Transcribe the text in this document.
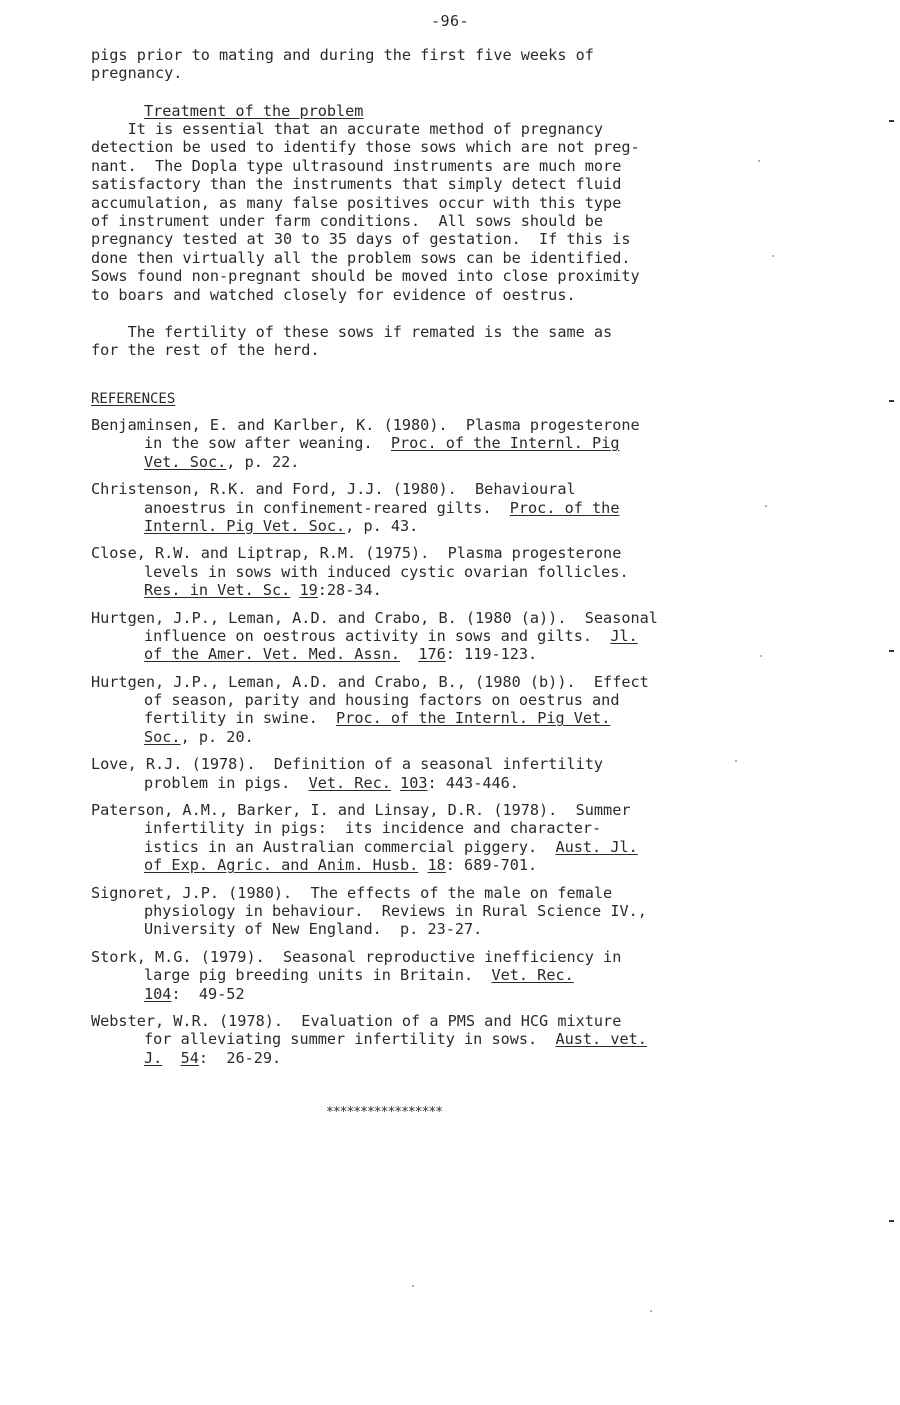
-96-
pigs prior to mating and during the first five weeks of
pregnancy.
Treatment of the problem
It is essential that an accurate method of pregnancy
detection be used to identify those sows which are not preg-
nant.  The Dopla type ultrasound instruments are much more
satisfactory than the instruments that simply detect fluid
accumulation, as many false positives occur with this type
of instrument under farm conditions.  All sows should be
pregnancy tested at 30 to 35 days of gestation.  If this is
done then virtually all the problem sows can be identified.
Sows found non-pregnant should be moved into close proximity
to boars and watched closely for evidence of oestrus.
The fertility of these sows if remated is the same as
for the rest of the herd.
REFERENCES
Benjaminsen, E. and Karlber, K. (1980).  Plasma progesterone
in the sow after weaning.  Proc. of the Internl. Pig
Vet. Soc., p. 22.
Christenson, R.K. and Ford, J.J. (1980).  Behavioural
anoestrus in confinement-reared gilts.  Proc. of the
Internl. Pig Vet. Soc., p. 43.
Close, R.W. and Liptrap, R.M. (1975).  Plasma progesterone
levels in sows with induced cystic ovarian follicles.
Res. in Vet. Sc. 19:28-34.
Hurtgen, J.P., Leman, A.D. and Crabo, B. (1980 (a)).  Seasonal
influence on oestrous activity in sows and gilts.  Jl.
of the Amer. Vet. Med. Assn. 176: 119-123.
Hurtgen, J.P., Leman, A.D. and Crabo, B., (1980 (b)).  Effect
of season, parity and housing factors on oestrus and
fertility in swine.  Proc. of the Internl. Pig Vet.
Soc., p. 20.
Love, R.J. (1978).  Definition of a seasonal infertility
problem in pigs.  Vet. Rec. 103: 443-446.
Paterson, A.M., Barker, I. and Linsay, D.R. (1978).  Summer
infertility in pigs:  its incidence and character-
istics in an Australian commercial piggery.  Aust. Jl.
of Exp. Agric. and Anim. Husb. 18: 689-701.
Signoret, J.P. (1980).  The effects of the male on female
physiology in behaviour.  Reviews in Rural Science IV.,
University of New England.  p. 23-27.
Stork, M.G. (1979).  Seasonal reproductive inefficiency in
large pig breeding units in Britain.  Vet. Rec.
104:  49-52
Webster, W.R. (1978).  Evaluation of a PMS and HCG mixture
for alleviating summer infertility in sows.  Aust. vet.
J. 54:  26-29.
*****************
